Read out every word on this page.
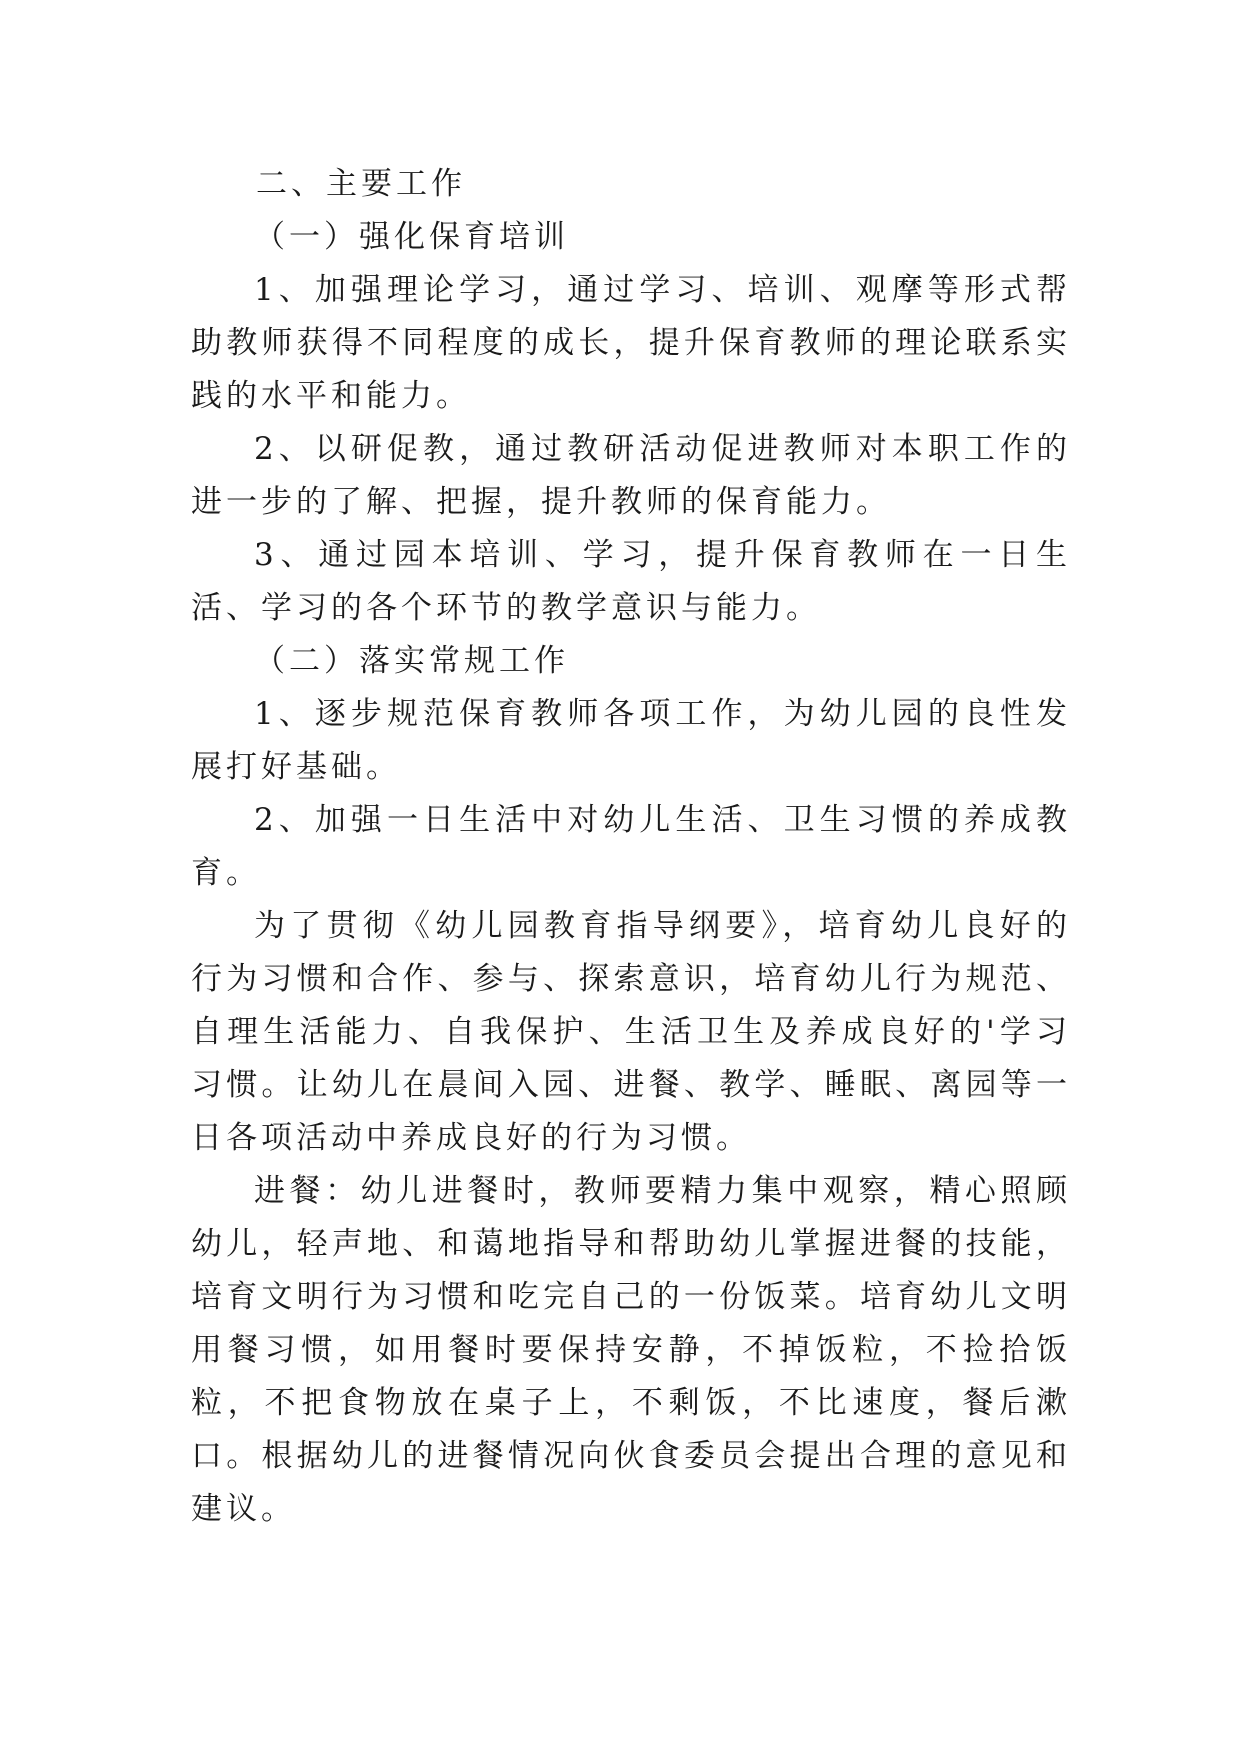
二、主要工作

（一）强化保育培训

1、加强理论学习，通过学习、培训、观摩等形式帮助教师获得不同程度的成长，提升保育教师的理论联系实践的水平和能力。

2、以研促教，通过教研活动促进教师对本职工作的进一步的了解、把握，提升教师的保育能力。

3、通过园本培训、学习，提升保育教师在一日生活、学习的各个环节的教学意识与能力。

（二）落实常规工作

1、逐步规范保育教师各项工作，为幼儿园的良性发展打好基础。

2、加强一日生活中对幼儿生活、卫生习惯的养成教育。

为了贯彻《幼儿园教育指导纲要》，培育幼儿良好的行为习惯和合作、参与、探索意识，培育幼儿行为规范、自理生活能力、自我保护、生活卫生及养成良好的'学习习惯。让幼儿在晨间入园、进餐、教学、睡眠、离园等一日各项活动中养成良好的行为习惯。

进餐：幼儿进餐时，教师要精力集中观察，精心照顾幼儿，轻声地、和蔼地指导和帮助幼儿掌握进餐的技能，培育文明行为习惯和吃完自己的一份饭菜。培育幼儿文明用餐习惯，如用餐时要保持安静，不掉饭粒，不捡拾饭粒，不把食物放在桌子上，不剩饭，不比速度，餐后漱口。根据幼儿的进餐情况向伙食委员会提出合理的意见和建议。
